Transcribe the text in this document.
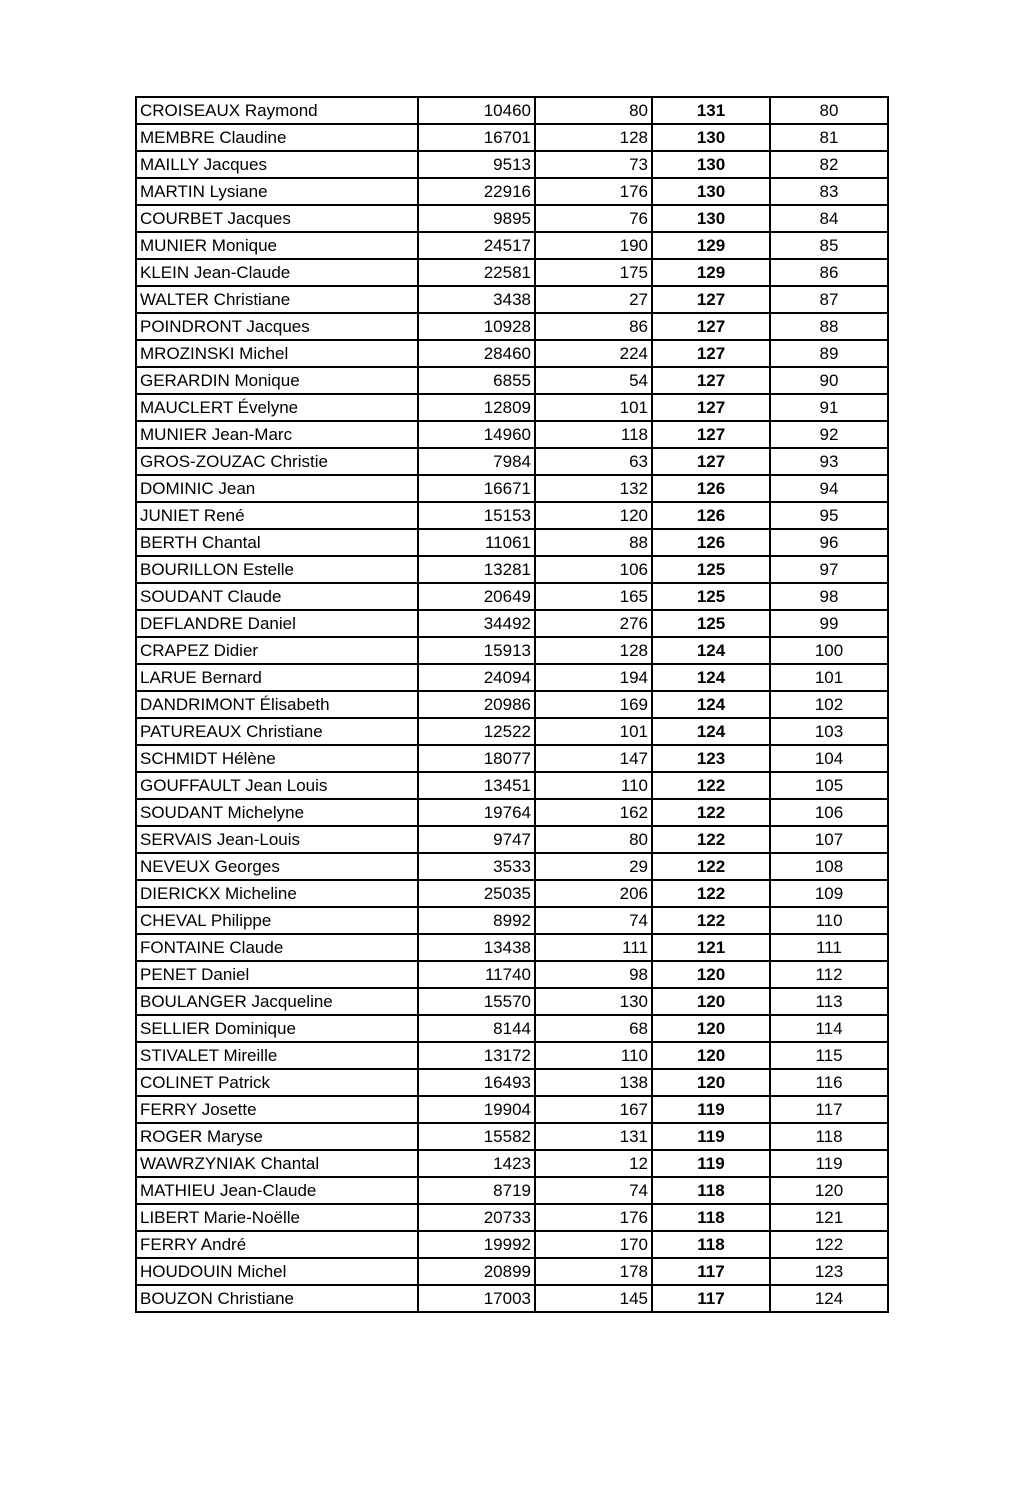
CROISEAUX Raymond	10460	80	131	80
MEMBRE Claudine	16701	128	130	81
MAILLY Jacques	9513	73	130	82
MARTIN Lysiane	22916	176	130	83
COURBET Jacques	9895	76	130	84
MUNIER Monique	24517	190	129	85
KLEIN Jean-Claude	22581	175	129	86
WALTER Christiane	3438	27	127	87
POINDRONT Jacques	10928	86	127	88
MROZINSKI Michel	28460	224	127	89
GERARDIN Monique	6855	54	127	90
MAUCLERT Évelyne	12809	101	127	91
MUNIER Jean-Marc	14960	118	127	92
GROS-ZOUZAC Christie	7984	63	127	93
DOMINIC Jean	16671	132	126	94
JUNIET René	15153	120	126	95
BERTH Chantal	11061	88	126	96
BOURILLON Estelle	13281	106	125	97
SOUDANT Claude	20649	165	125	98
DEFLANDRE Daniel	34492	276	125	99
CRAPEZ Didier	15913	128	124	100
LARUE Bernard	24094	194	124	101
DANDRIMONT Élisabeth	20986	169	124	102
PATUREAUX Christiane	12522	101	124	103
SCHMIDT Hélène	18077	147	123	104
GOUFFAULT Jean Louis	13451	110	122	105
SOUDANT Michelyne	19764	162	122	106
SERVAIS Jean-Louis	9747	80	122	107
NEVEUX Georges	3533	29	122	108
DIERICKX Micheline	25035	206	122	109
CHEVAL Philippe	8992	74	122	110
FONTAINE Claude	13438	111	121	111
PENET Daniel	11740	98	120	112
BOULANGER Jacqueline	15570	130	120	113
SELLIER Dominique	8144	68	120	114
STIVALET Mireille	13172	110	120	115
COLINET Patrick	16493	138	120	116
FERRY Josette	19904	167	119	117
ROGER Maryse	15582	131	119	118
WAWRZYNIAK Chantal	1423	12	119	119
MATHIEU Jean-Claude	8719	74	118	120
LIBERT Marie-Noëlle	20733	176	118	121
FERRY André	19992	170	118	122
HOUDOUIN Michel	20899	178	117	123
BOUZON Christiane	17003	145	117	124
